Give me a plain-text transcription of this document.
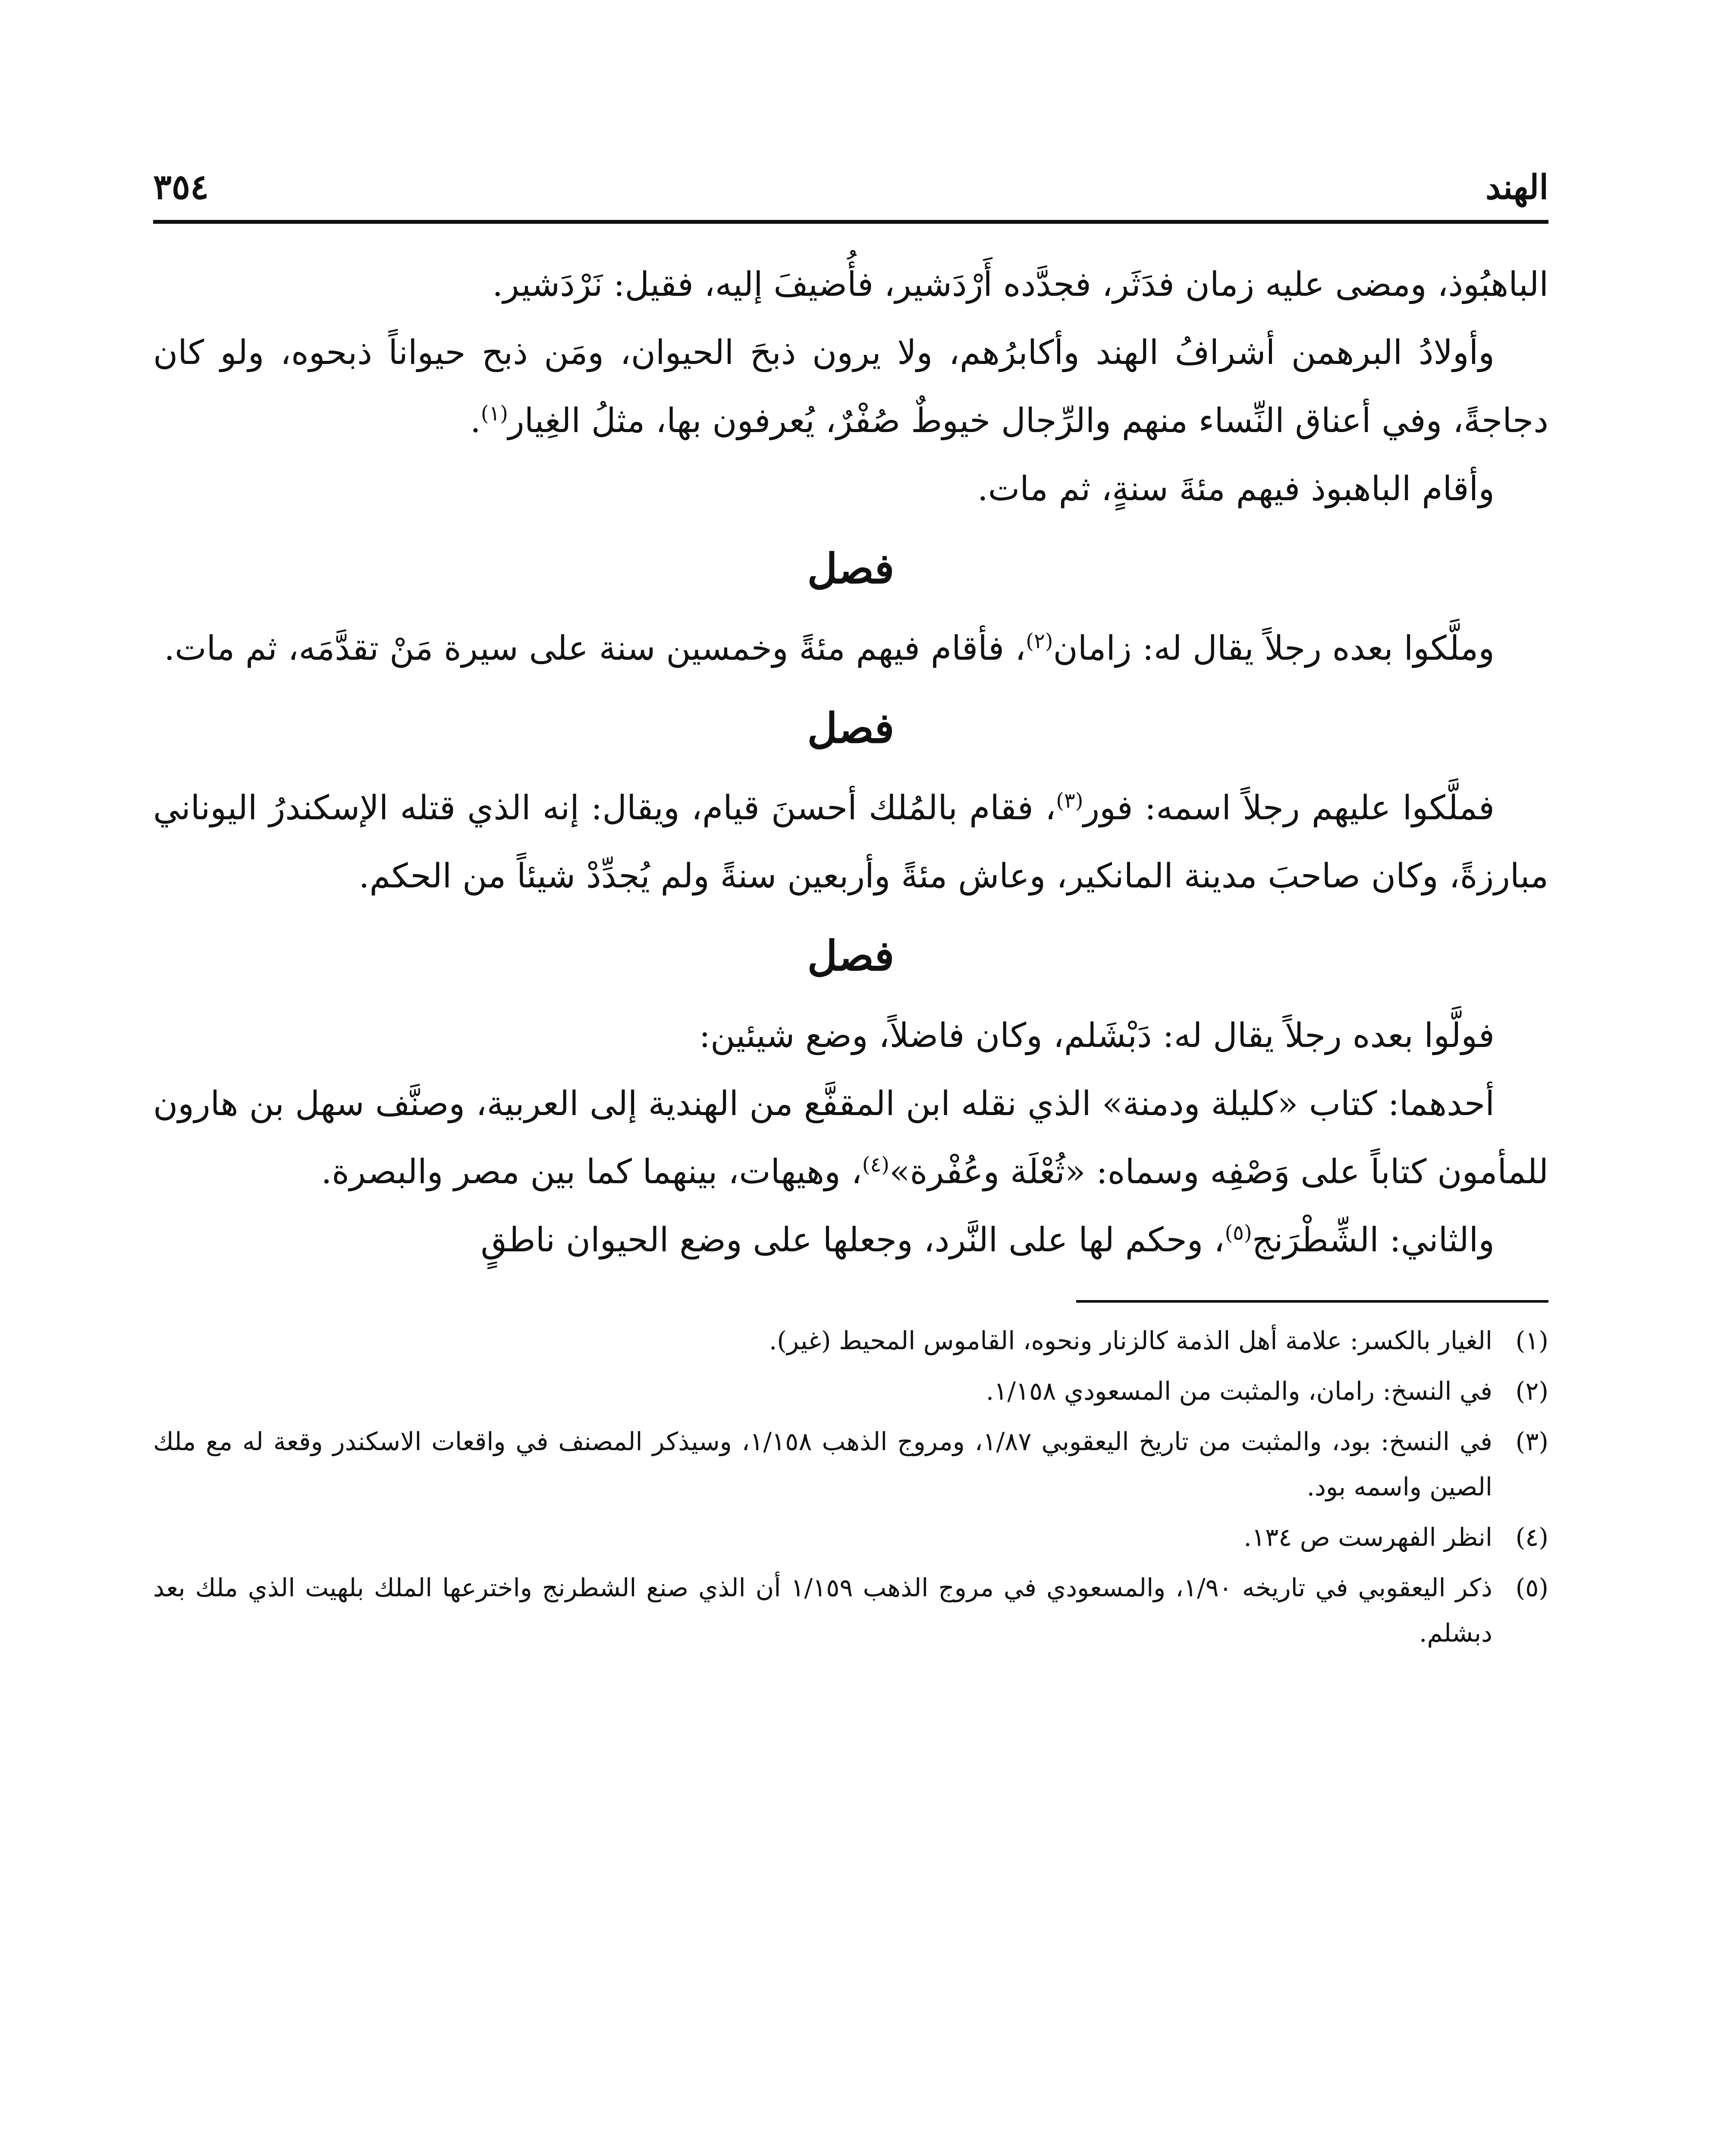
الهند
٣٥٤

الباهبُوذ، ومضى عليه زمان فدَثَر، فجدَّده أَرْدَشير، فأُضيفَ إليه، فقيل: نَرْدَشير.

وأولادُ البرهمن أشرافُ الهند وأكابرُهم، ولا يرون ذبحَ الحيوان، ومَن ذبح حيواناً ذبحوه، ولو كان دجاجةً، وفي أعناق النِّساء منهم والرِّجال خيوطٌ صُفْرٌ، يُعرفون بها، مثلُ الغِيار$^{(١)}$.

وأقام الباهبوذ فيهم مئةَ سنةٍ، ثم مات.

فصل

وملَّكوا بعده رجلاً يقال له: زامان$^{(٢)}$، فأقام فيهم مئةً وخمسين سنة على سيرة مَنْ تقدَّمَه، ثم مات.

فصل

فملَّكوا عليهم رجلاً اسمه: فور$^{(٣)}$، فقام بالمُلك أحسنَ قيام، ويقال: إنه الذي قتله الإسكندرُ اليوناني مبارزةً، وكان صاحبَ مدينة المانكير، وعاش مئةً وأربعين سنةً ولم يُجدِّدْ شيئاً من الحكم.

فصل

فولَّوا بعده رجلاً يقال له: دَبْشَلم، وكان فاضلاً، وضع شيئين:

أحدهما: كتاب «كليلة ودمنة» الذي نقله ابن المقفَّع من الهندية إلى العربية، وصنَّف سهل بن هارون للمأمون كتاباً على وَصْفِه وسماه: «ثُعْلَة وعُفْرة»$^{(٤)}$، وهيهات، بينهما كما بين مصر والبصرة.

والثاني: الشِّطْرَنج$^{(٥)}$، وحكم لها على النَّرد، وجعلها على وضع الحيوان ناطقٍ

(١)الغيار بالكسر: علامة أهل الذمة كالزنار ونحوه، القاموس المحيط (غير).

(٢)في النسخ: رامان، والمثبت من المسعودي ١/١٥٨.

(٣)في النسخ: بود، والمثبت من تاريخ اليعقوبي ١/٨٧، ومروج الذهب ١/١٥٨، وسيذكر المصنف في واقعات الاسكندر وقعة له مع ملك الصين واسمه بود.

(٤)انظر الفهرست ص ١٣٤.

(٥)ذكر اليعقوبي في تاريخه ١/٩٠، والمسعودي في مروج الذهب ١/١٥٩ أن الذي صنع الشطرنج واخترعها الملك بلهيت الذي ملك بعد دبشلم.
